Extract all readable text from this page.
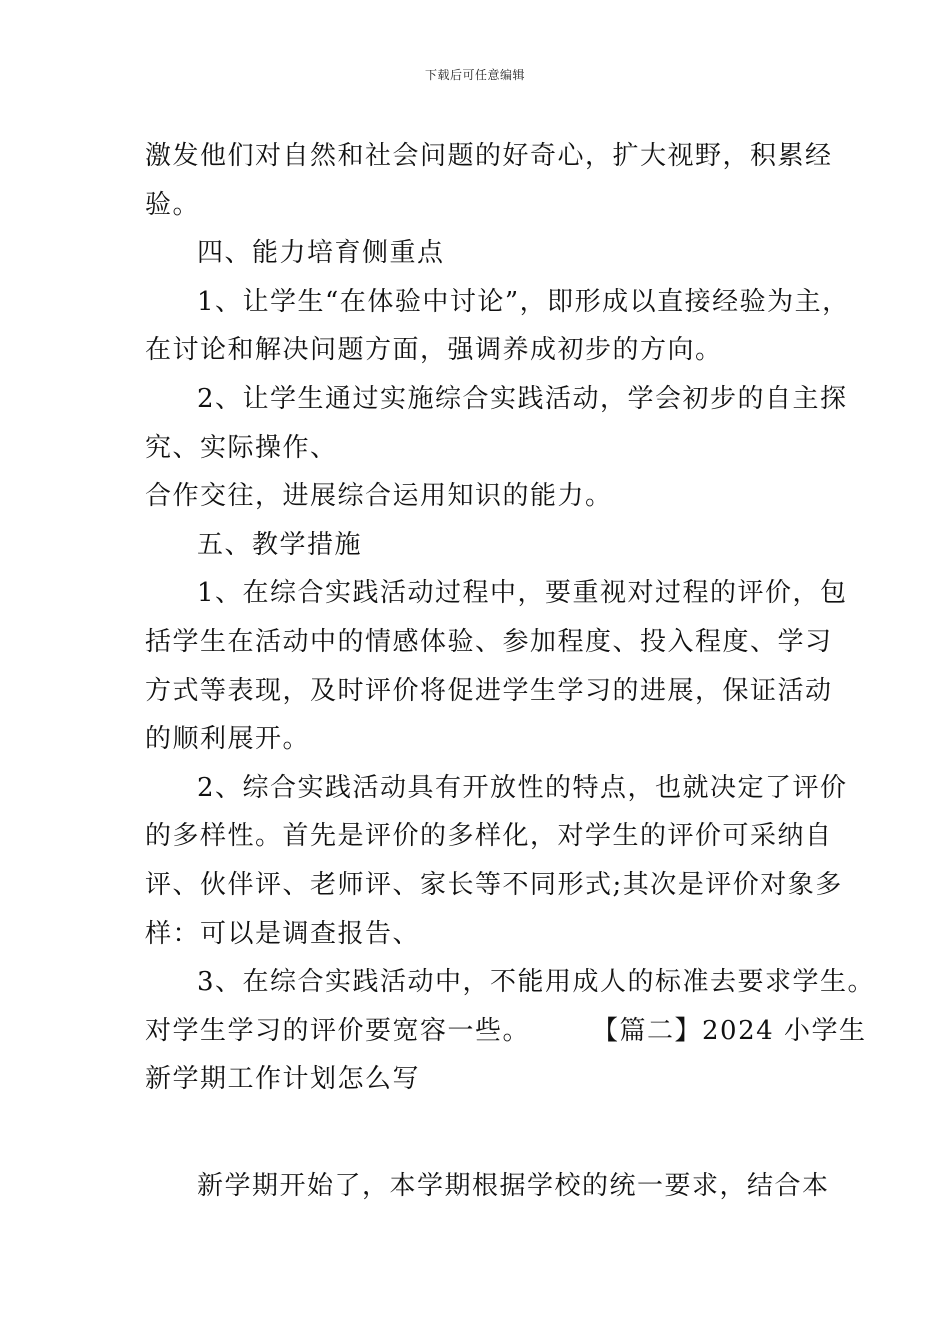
下载后可任意编辑

激发他们对自然和社会问题的好奇心，扩大视野，积累经

验。

四、能力培育侧重点

1、让学生“在体验中讨论”，即形成以直接经验为主，

在讨论和解决问题方面，强调养成初步的方向。

2、让学生通过实施综合实践活动，学会初步的自主探

究、实际操作、

合作交往，进展综合运用知识的能力。

五、教学措施

1、在综合实践活动过程中，要重视对过程的评价，包

括学生在活动中的情感体验、参加程度、投入程度、学习

方式等表现，及时评价将促进学生学习的进展，保证活动

的顺利展开。

2、综合实践活动具有开放性的特点，也就决定了评价

的多样性。首先是评价的多样化，对学生的评价可采纳自

评、伙伴评、老师评、家长等不同形式;其次是评价对象多

样：可以是调查报告、

3、在综合实践活动中，不能用成人的标准去要求学生。

对学生学习的评价要宽容一些。 【篇二】2024 小学生

新学期工作计划怎么写

新学期开始了，本学期根据学校的统一要求，结合本
